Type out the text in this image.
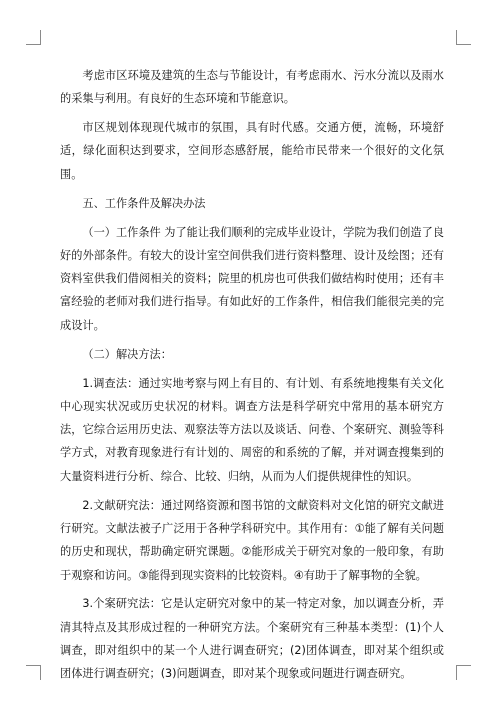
考虑市区环境及建筑的生态与节能设计，有考虑雨水、污水分流以及雨水的采集与利用。有良好的生态环境和节能意识。

市区规划体现现代城市的氛围，具有时代感。交通方便，流畅，环境舒适，绿化面积达到要求，空间形态感舒展，能给市民带来一个很好的文化氛围。

五、工作条件及解决办法

（一）工作条件 为了能让我们顺利的完成毕业设计，学院为我们创造了良好的外部条件。有较大的设计室空间供我们进行资料整理、设计及绘图；还有资料室供我们借阅相关的资料；院里的机房也可供我们做结构时使用；还有丰富经验的老师对我们进行指导。有如此好的工作条件，相信我们能很完美的完成设计。

（二）解决方法：

1.调查法：通过实地考察与网上有目的、有计划、有系统地搜集有关文化中心现实状况或历史状况的材料。调查方法是科学研究中常用的基本研究方法，它综合运用历史法、观察法等方法以及谈话、问卷、个案研究、测验等科学方式，对教育现象进行有计划的、周密的和系统的了解，并对调查搜集到的大量资料进行分析、综合、比较、归纳，从而为人们提供规律性的知识。

2.文献研究法：通过网络资源和图书馆的文献资料对文化馆的研究文献进行研究。文献法被子广泛用于各种学科研究中。其作用有：①能了解有关问题的历史和现状，帮助确定研究课题。②能形成关于研究对象的一般印象，有助于观察和访问。③能得到现实资料的比较资料。④有助于了解事物的全貌。

3.个案研究法：它是认定研究对象中的某一特定对象，加以调查分析，弄清其特点及其形成过程的一种研究方法。个案研究有三种基本类型：(1)个人调查，即对组织中的某一个人进行调查研究；(2)团体调查，即对某个组织或团体进行调查研究；(3)问题调查，即对某个现象或问题进行调查研究。
